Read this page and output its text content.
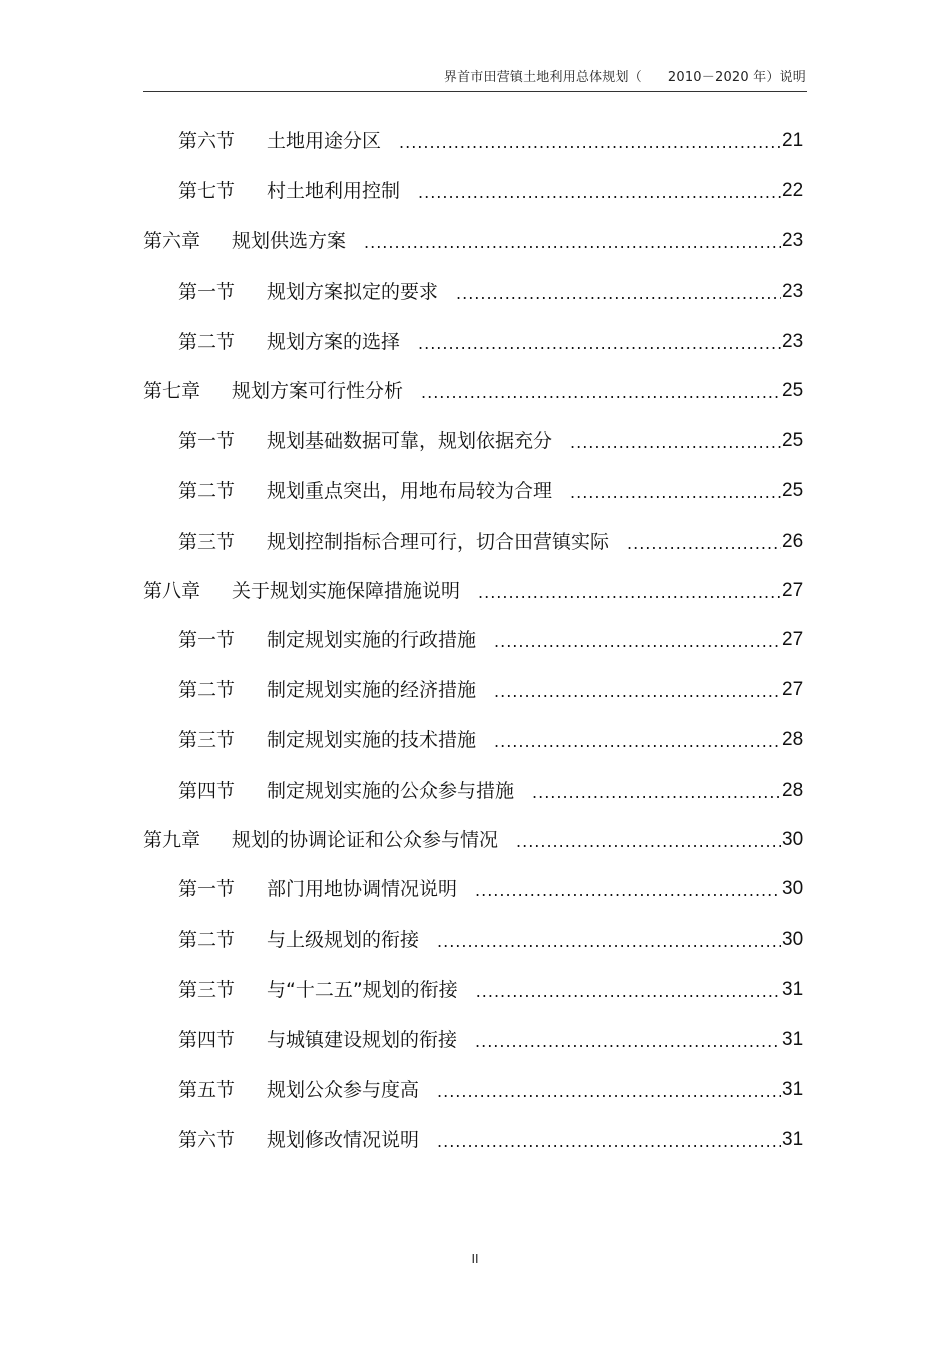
界首市田营镇土地利用总体规划（      2010－2020 年）说明
第六节 土地用途分区 .....	21
第七节 村土地利用控制 .....	22
第六章 规划供选方案 .....	23
第一节 规划方案拟定的要求 .....	23
第二节 规划方案的选择 .....	23
第七章 规划方案可行性分析 .....	25
第一节 规划基础数据可靠，规划依据充分 .....	25
第二节 规划重点突出，用地布局较为合理 .....	25
第三节 规划控制指标合理可行，切合田营镇实际 .....	26
第八章 关于规划实施保障措施说明 .....	27
第一节 制定规划实施的行政措施 .....	27
第二节 制定规划实施的经济措施 .....	27
第三节 制定规划实施的技术措施 .....	28
第四节 制定规划实施的公众参与措施 .....	28
第九章 规划的协调论证和公众参与情况 .....	30
第一节 部门用地协调情况说明 .....	30
第二节 与上级规划的衔接 .....	30
第三节 与“十二五”规划的衔接 .....	31
第四节 与城镇建设规划的衔接 .....	31
第五节 规划公众参与度高 .....	31
第六节 规划修改情况说明 .....	31
II
